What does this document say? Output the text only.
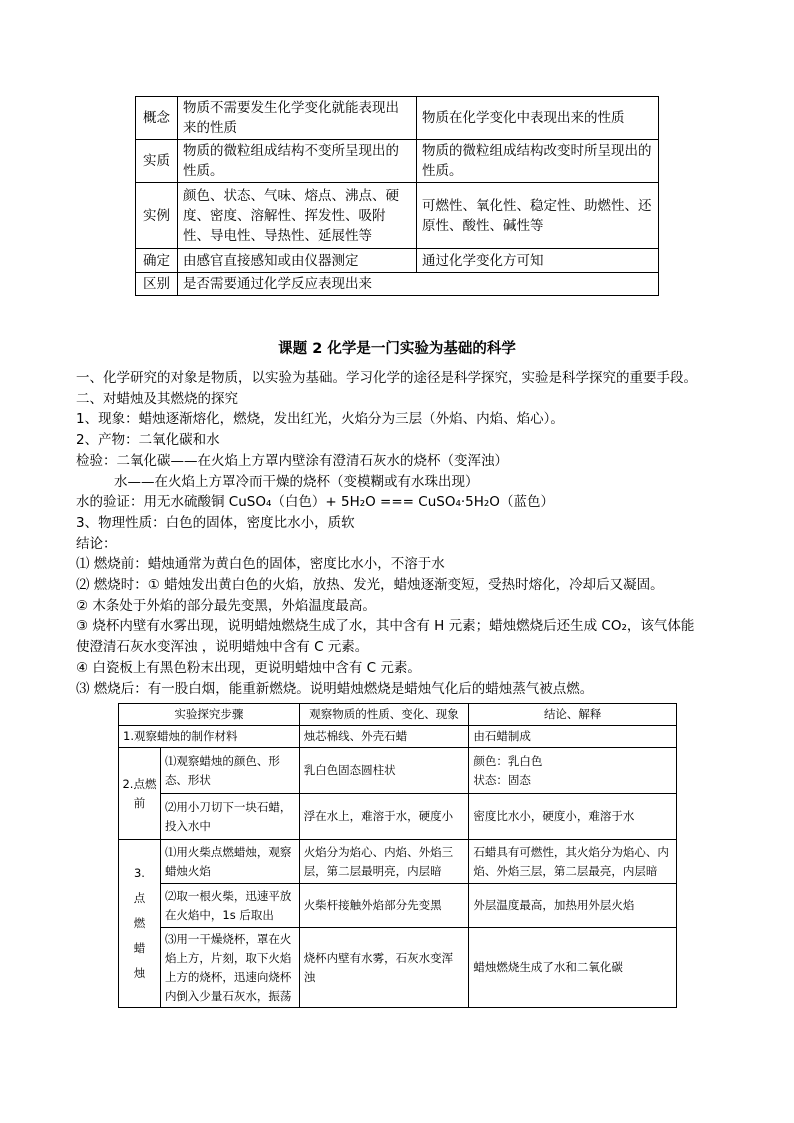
概念	物质不需要发生化学变化就能表现出来的性质	物质在化学变化中表现出来的性质
实质	物质的微粒组成结构不变所呈现出的性质。	物质的微粒组成结构改变时所呈现出的性质。
实例	颜色、状态、气味、熔点、沸点、硬度、密度、溶解性、挥发性、吸附性、导电性、导热性、延展性等	可燃性、氧化性、稳定性、助燃性、还原性、酸性、碱性等
确定	由感官直接感知或由仪器测定	通过化学变化方可知
区别	是否需要通过化学反应表现出来	
课题 2 化学是一门实验为基础的科学
一、化学研究的对象是物质，以实验为基础。学习化学的途径是科学探究，实验是科学探究的重要手段。
二、对蜡烛及其燃烧的探究
1、现象：蜡烛逐渐熔化，燃烧，发出红光，火焰分为三层（外焰、内焰、焰心）。
2、产物：二氧化碳和水
检验：二氧化碳——在火焰上方罩内壁涂有澄清石灰水的烧杯（变浑浊）
水——在火焰上方罩冷而干燥的烧杯（变模糊或有水珠出现）
水的验证：用无水硫酸铜 CuSO₄（白色）+ 5H₂O === CuSO₄·5H₂O（蓝色）
3、物理性质：白色的固体，密度比水小，质软
结论：
⑴ 燃烧前：蜡烛通常为黄白色的固体，密度比水小，不溶于水
⑵ 燃烧时：① 蜡烛发出黄白色的火焰，放热、发光，蜡烛逐渐变短，受热时熔化，冷却后又凝固。
② 木条处于外焰的部分最先变黑，外焰温度最高。
③ 烧杯内壁有水雾出现，说明蜡烛燃烧生成了水，其中含有 H 元素；蜡烛燃烧后还生成 CO₂，该气体能
使澄清石灰水变浑浊 ，说明蜡烛中含有 C 元素。
④ 白瓷板上有黑色粉末出现，更说明蜡烛中含有 C 元素。
⑶ 燃烧后：有一股白烟，能重新燃烧。说明蜡烛燃烧是蜡烛气化后的蜡烛蒸气被点燃。
实验探究步骤		观察物质的性质、变化、现象	结论、解释
1.观察蜡烛的制作材料		烛芯棉线、外壳石蜡	由石蜡制成
2.点燃前	⑴观察蜡烛的颜色、形态、形状	乳白色固态圆柱状	颜色：乳白色
状态：固态
	⑵用小刀切下一块石蜡，投入水中	浮在水上，难溶于水，硬度小	密度比水小，硬度小，难溶于水
3.
点
燃
蜡
烛	⑴用火柴点燃蜡烛，观察蜡烛火焰	火焰分为焰心、内焰、外焰三层，第二层最明亮，内层暗	石蜡具有可燃性，其火焰分为焰心、内焰、外焰三层，第二层最亮，内层暗
	⑵取一根火柴，迅速平放在火焰中，1s 后取出	火柴杆接触外焰部分先变黑	外层温度最高，加热用外层火焰
	⑶用一干燥烧杯，罩在火焰上方，片刻，取下火焰上方的烧杯，迅速向烧杯内倒入少量石灰水，振荡	烧杯内壁有水雾，石灰水变浑浊	蜡烛燃烧生成了水和二氧化碳
